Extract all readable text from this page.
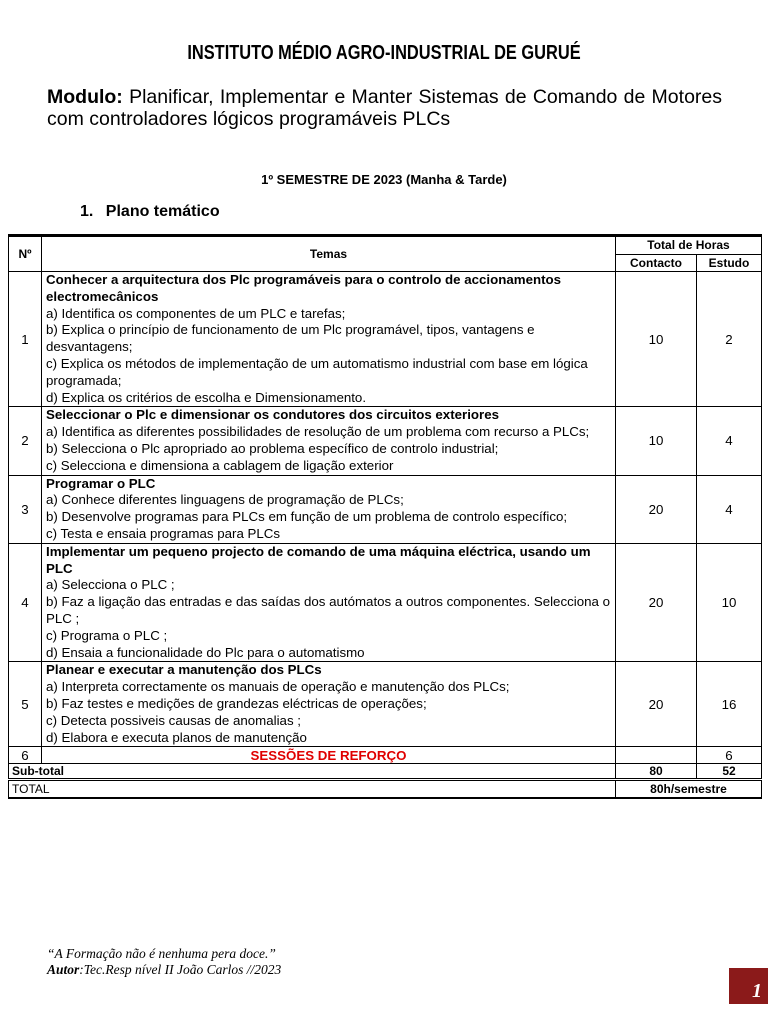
INSTITUTO MÉDIO AGRO-INDUSTRIAL DE GURUÉ
Modulo: Planificar, Implementar e Manter Sistemas de Comando de Motores com controladores lógicos programáveis PLCs
1º SEMESTRE DE 2023 (Manha & Tarde)
1. Plano temático
Nº	Temas	Total de Horas	
		Contacto	Estudo
1	Conhecer a arquitectura dos Plc programáveis para o controlo de accionamentos electromecânicos
a) Identifica os componentes de um PLC e tarefas;
b) Explica o princípio de funcionamento de um Plc programável, tipos, vantagens e desvantagens;
c) Explica os métodos de implementação de um automatismo industrial com base em lógica programada;
d) Explica os critérios de escolha e Dimensionamento.	10	2
2	Seleccionar o Plc e dimensionar os condutores dos circuitos exteriores
a) Identifica as diferentes possibilidades de resolução de um problema com recurso a PLCs;
b) Selecciona o Plc apropriado ao problema específico de controlo industrial;
c) Selecciona e dimensiona a cablagem de ligação exterior	10	4
3	Programar o PLC
a) Conhece diferentes linguagens de programação de PLCs;
b) Desenvolve programas para PLCs em função de um problema de controlo específico;
c) Testa e ensaia programas para PLCs	20	4
4	Implementar um pequeno projecto de comando de uma máquina eléctrica, usando um PLC
a) Selecciona o PLC ;
b) Faz a ligação das entradas e das saídas dos autómatos a outros componentes. Selecciona o PLC ;
c) Programa o PLC ;
d) Ensaia a funcionalidade do Plc para o automatismo	20	10
5	Planear e executar a manutenção dos PLCs
a) Interpreta correctamente os manuais de operação e manutenção dos PLCs;
b) Faz testes e medições de grandezas eléctricas de operações;
c) Detecta possiveis causas de anomalias ;
d) Elabora e executa planos de manutenção	20	16
6	SESSÕES DE REFORÇO		6
Sub-total		80	52
TOTAL		80h/semestre	
“A Formação não é nenhuma pera doce.”
Autor:Tec.Resp nível II João Carlos //2023
1
